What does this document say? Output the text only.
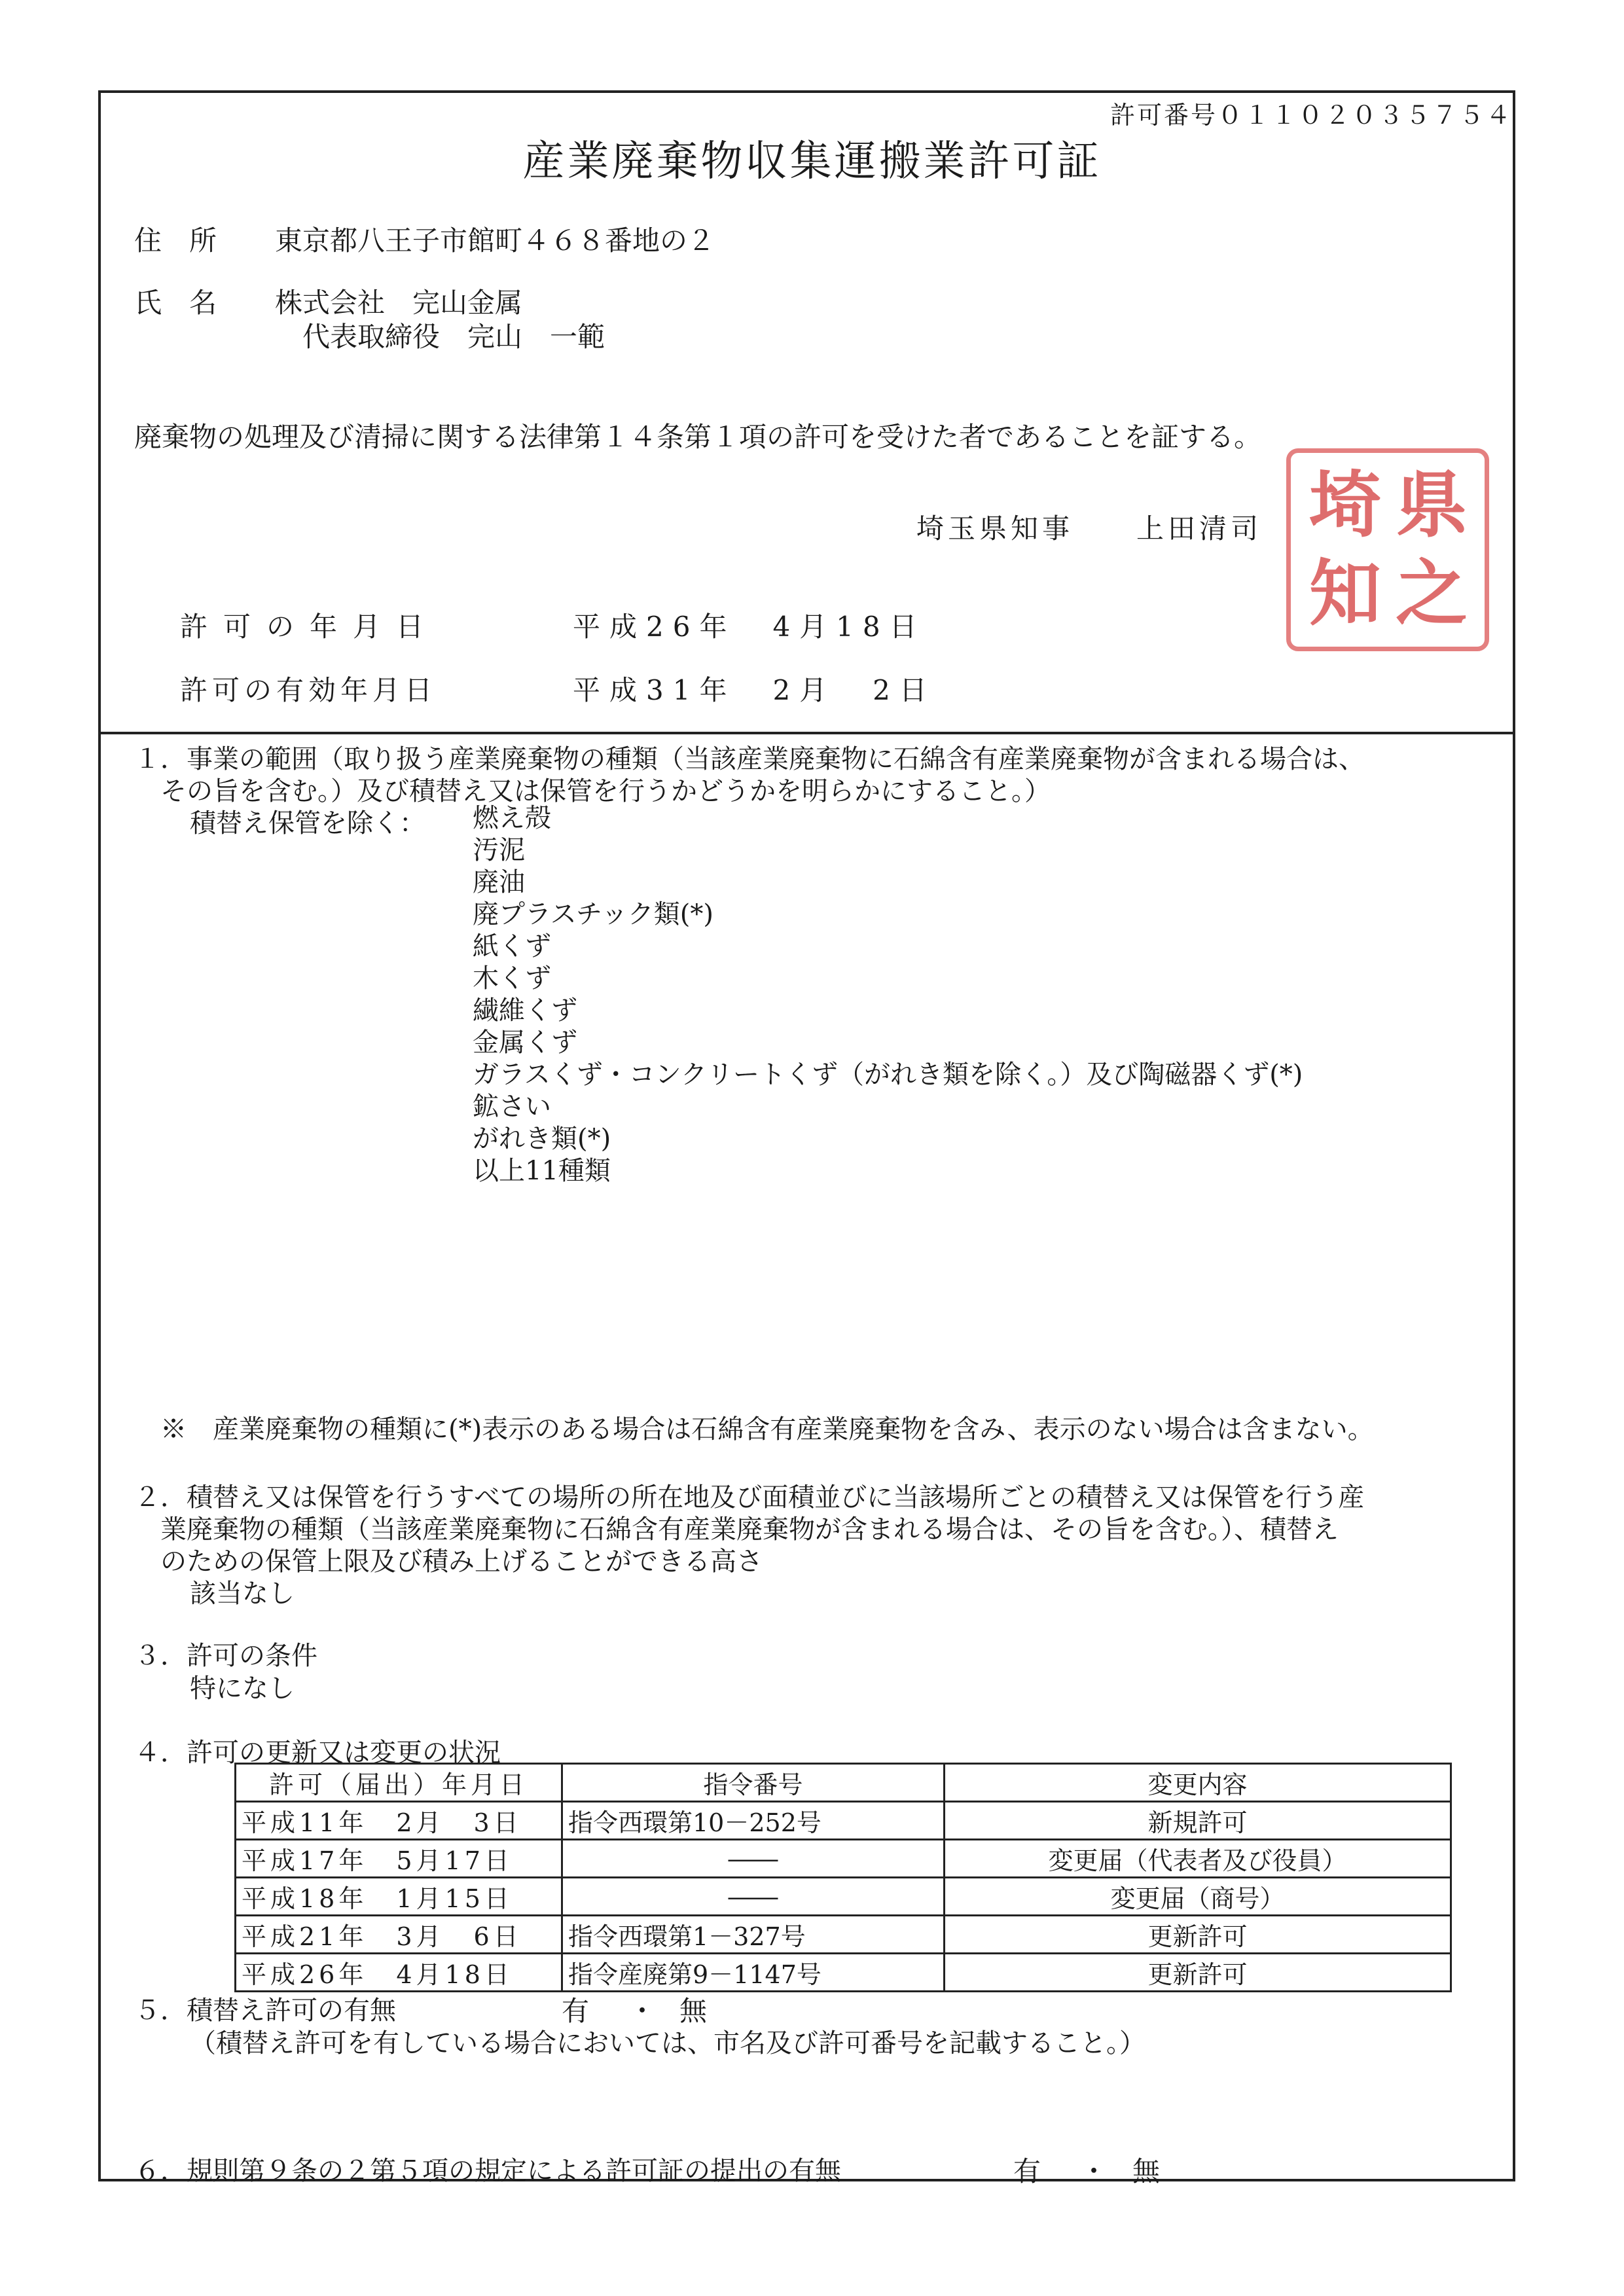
許可番号０１１０２０３５７５４
産業廃棄物収集運搬業許可証
住　所 東京都八王子市館町４６８番地の２
氏　名 株式会社　完山金属
代表取締役　完山　一範
廃棄物の処理及び清掃に関する法律第１４条第１項の許可を受けた者であることを証する。
埼玉県知事　　上田清司 埼
知
県
之
許可の年月日	平成26年　4月18日
許可の有効年月日	平成31年　2月　2日
１．事業の範囲（取り扱う産業廃棄物の種類（当該産業廃棄物に石綿含有産業廃棄物が含まれる場合は、
その旨を含む。）及び積替え又は保管を行うかどうかを明らかにすること。）
積替え保管を除く： 燃え殻
汚泥
廃油
廃プラスチック類(*)
紙くず
木くず
繊維くず
金属くず
ガラスくず・コンクリートくず（がれき類を除く。）及び陶磁器くず(*)
鉱さい
がれき類(*)
以上11種類
※　産業廃棄物の種類に(*)表示のある場合は石綿含有産業廃棄物を含み、表示のない場合は含まない。
２．積替え又は保管を行うすべての場所の所在地及び面積並びに当該場所ごとの積替え又は保管を行う産
業廃棄物の種類（当該産業廃棄物に石綿含有産業廃棄物が含まれる場合は、その旨を含む。）、積替え
のための保管上限及び積み上げることができる高さ
該当なし
３．許可の条件
特になし
４．許可の更新又は変更の状況
許可（届出）年月日	指令番号	変更内容
平成11年　2月　3日	指令西環第10－252号	新規許可
平成17年　5月17日	――	変更届（代表者及び役員）
平成18年　1月15日	――	変更届（商号）
平成21年　3月　6日	指令西環第1－327号	更新許可
平成26年　4月18日	指令産廃第9－1147号	更新許可
５．積替え許可の有無	有 ・ 無
（積替え許可を有している場合においては、市名及び許可番号を記載すること。）
６．規則第９条の２第５項の規定による許可証の提出の有無	有 ・ 無
